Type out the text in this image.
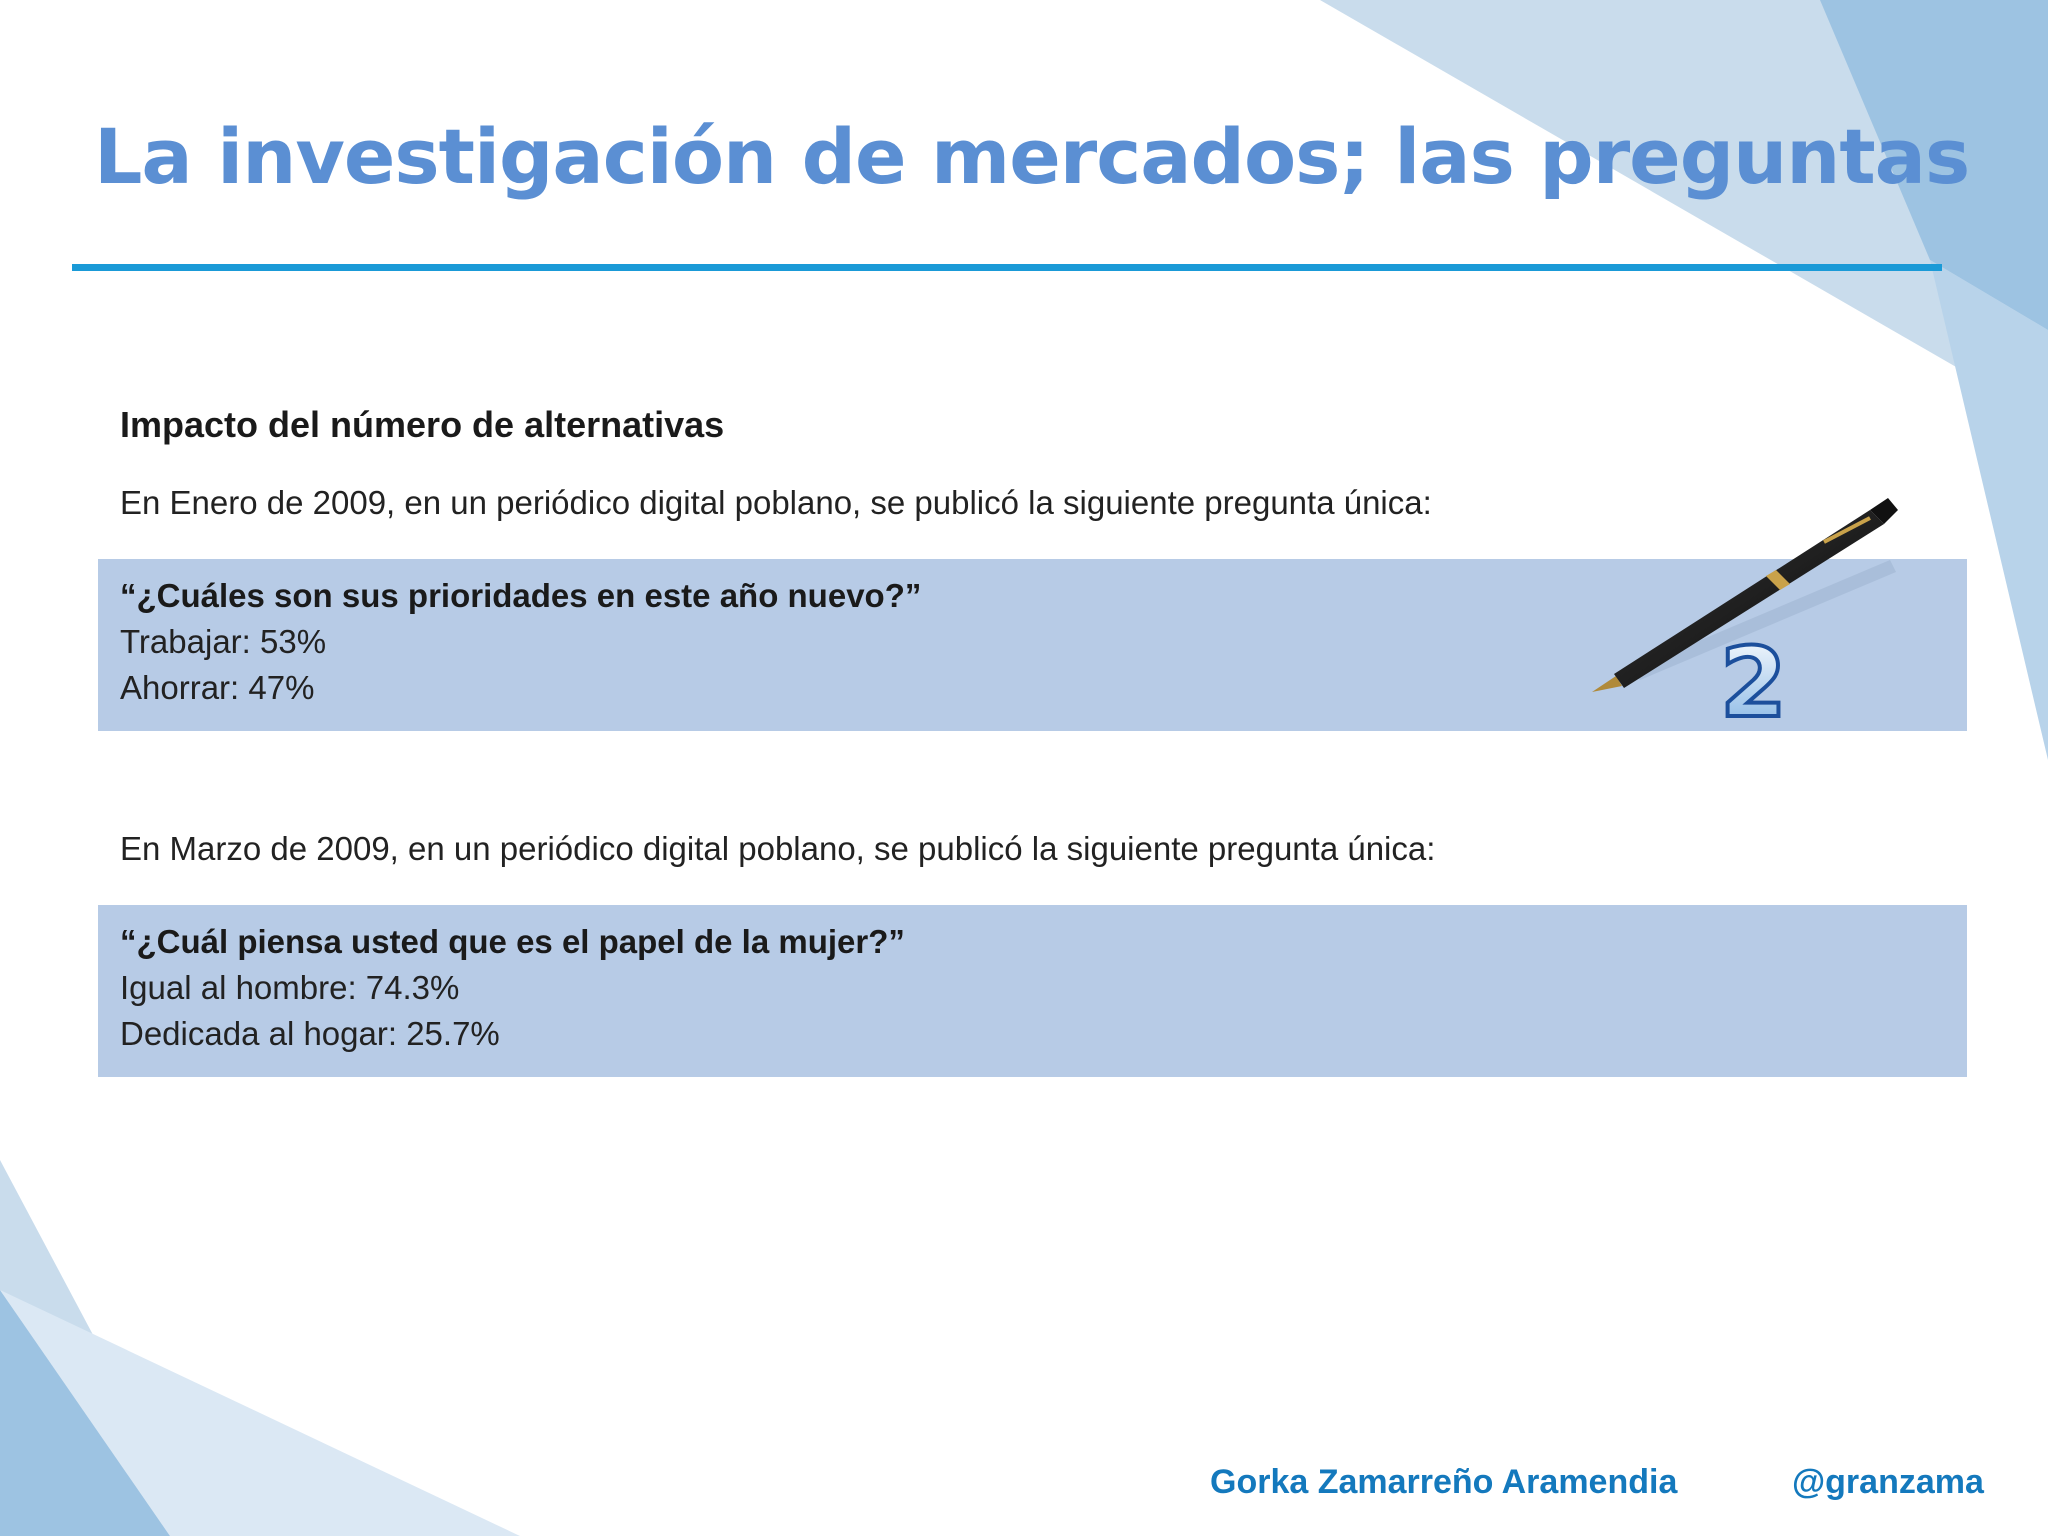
La investigación de mercados; las preguntas
Impacto del número de alternativas
En Enero de 2009, en un periódico digital poblano, se publicó la siguiente pregunta única:
“¿Cuáles son sus prioridades en este año nuevo?”
Trabajar: 53%
Ahorrar: 47%	2
En Marzo de 2009, en un periódico digital poblano, se publicó la siguiente pregunta única:
“¿Cuál piensa usted que es el papel de la mujer?”
Igual al hombre: 74.3%
Dedicada al hogar: 25.7%
Gorka Zamarreño Aramendia	@granzama
